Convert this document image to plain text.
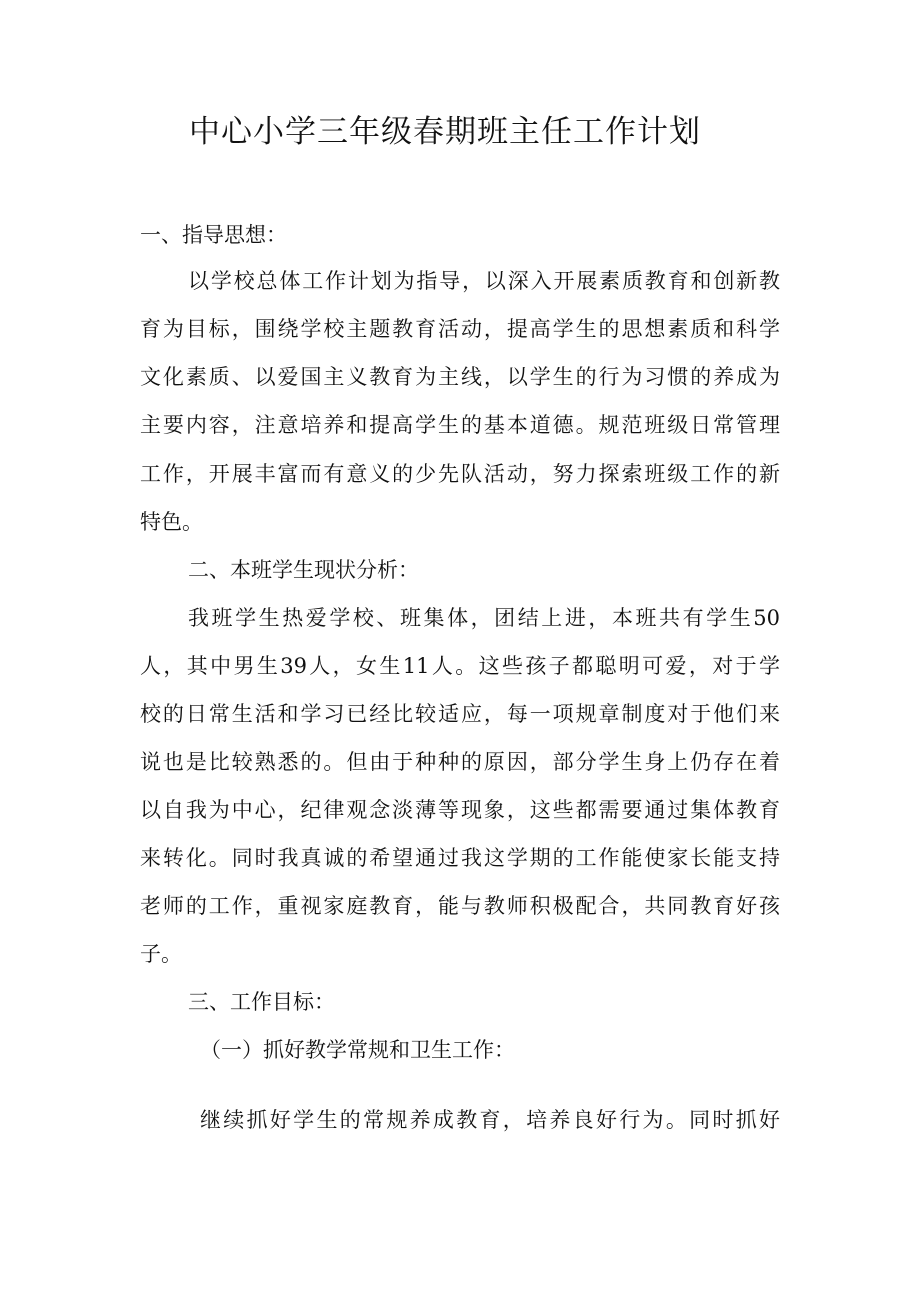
中心小学三年级春期班主任工作计划
一、指导思想：
以学校总体工作计划为指导，以深入开展素质教育和创新教
育为目标，围绕学校主题教育活动，提高学生的思想素质和科学
文化素质、以爱国主义教育为主线，以学生的行为习惯的养成为
主要内容，注意培养和提高学生的基本道德。规范班级日常管理
工作，开展丰富而有意义的少先队活动，努力探索班级工作的新
特色。
二、本班学生现状分析：
我班学生热爱学校、班集体，团结上进，本班共有学生50
人，其中男生39人，女生11人。这些孩子都聪明可爱，对于学
校的日常生活和学习已经比较适应，每一项规章制度对于他们来
说也是比较熟悉的。但由于种种的原因，部分学生身上仍存在着
以自我为中心，纪律观念淡薄等现象，这些都需要通过集体教育
来转化。同时我真诚的希望通过我这学期的工作能使家长能支持
老师的工作，重视家庭教育，能与教师积极配合，共同教育好孩
子。
三、工作目标：
（一）抓好教学常规和卫生工作：
继续抓好学生的常规养成教育，培养良好行为。同时抓好
